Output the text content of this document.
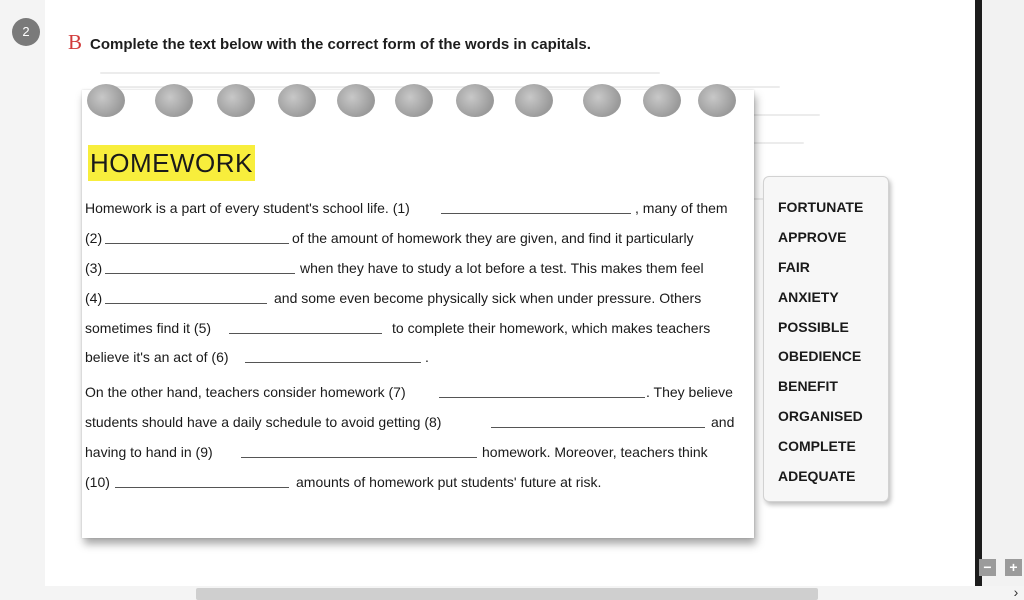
2	B Complete the text below with the correct form of the words in capitals.
HOMEWORK
Homework is a part of every student's school life. (1)	, many of them
(2)	of the amount of homework they are given, and find it particularly
(3)	when they have to study a lot before a test. This makes them feel
(4)	and some even become physically sick when under pressure. Others
sometimes find it (5)	to complete their homework, which makes teachers
believe it's an act of (6)	.
On the other hand, teachers consider homework (7)	. They believe
students should have a daily schedule to avoid getting (8)	and
having to hand in (9)	homework. Moreover, teachers think
(10)	amounts of homework put students' future at risk.
FORTUNATE
APPROVE
FAIR
ANXIETY
POSSIBLE
OBEDIENCE
BENEFIT
ORGANISED
COMPLETE
ADEQUATE
−	+
›
